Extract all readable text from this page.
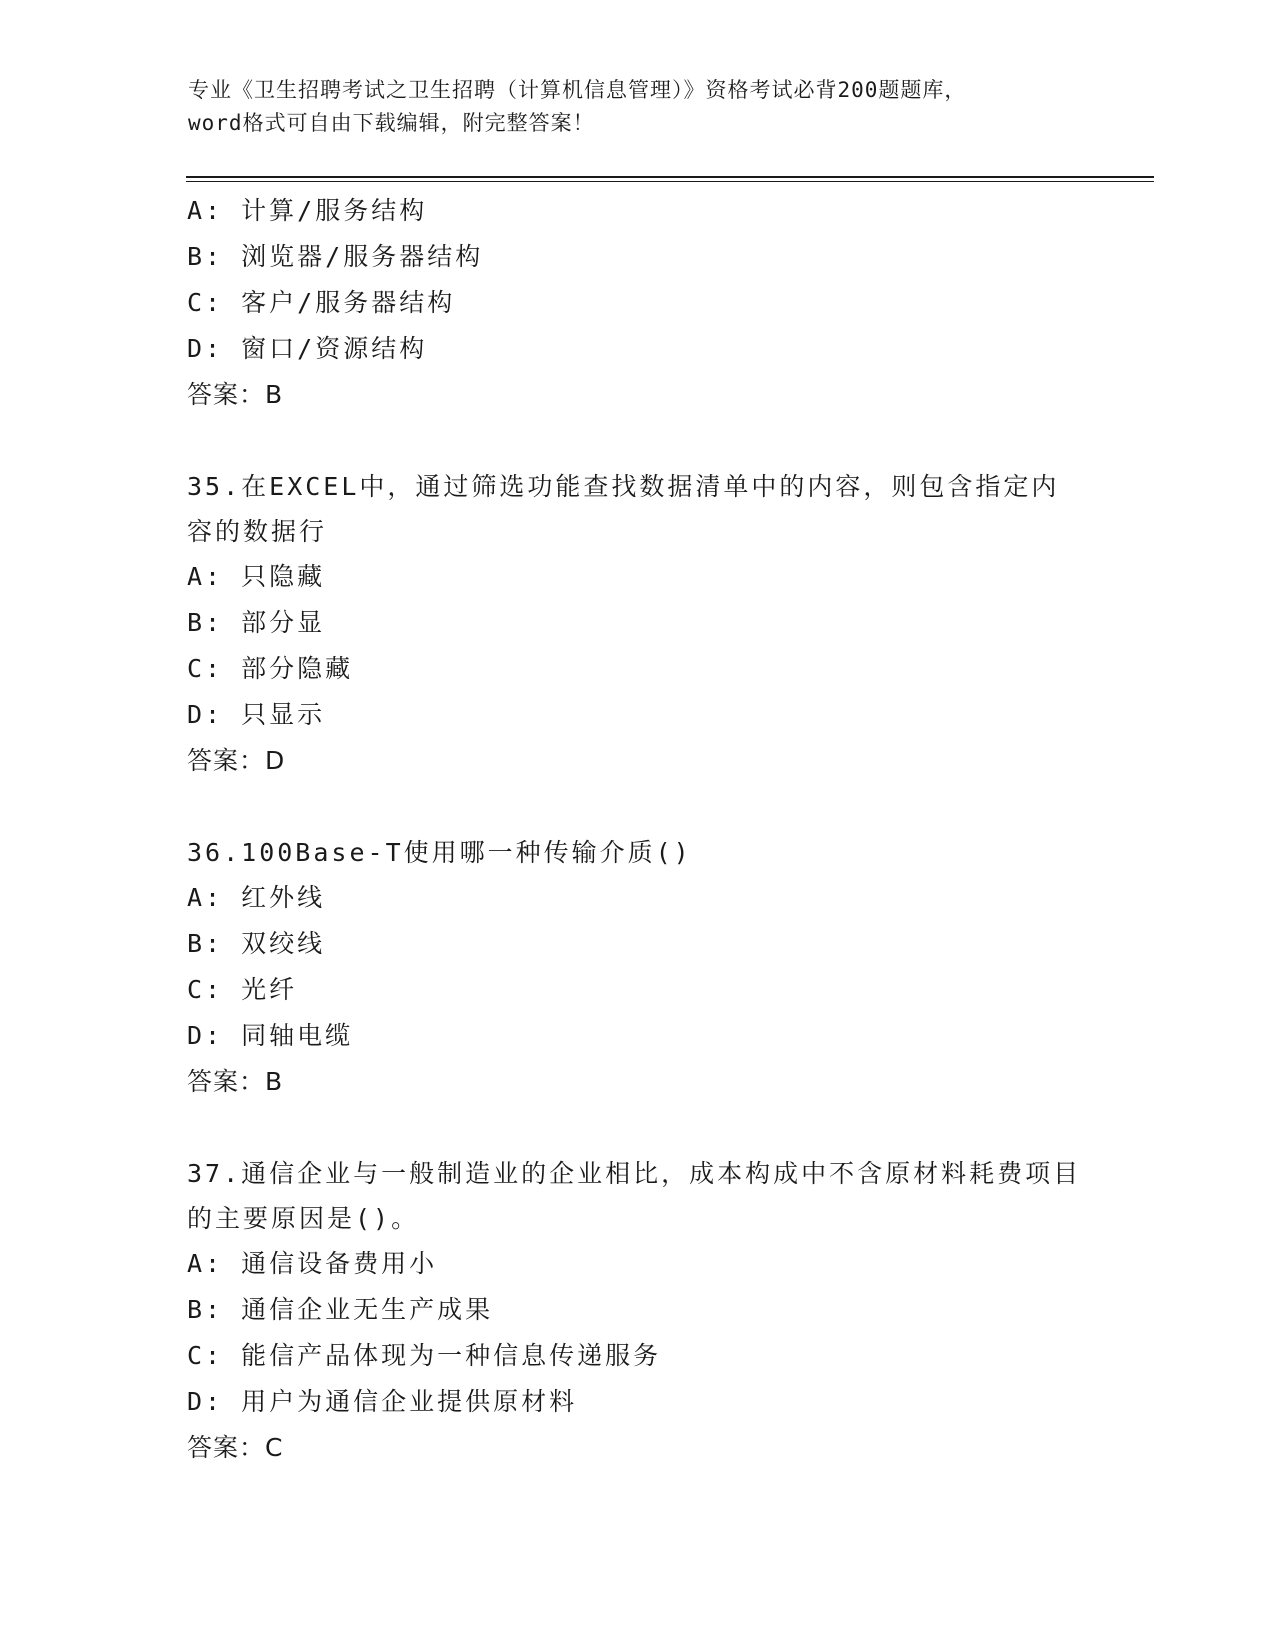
专业《卫生招聘考试之卫生招聘（计算机信息管理）》资格考试必背200题题库，
word格式可自由下载编辑，附完整答案！
A: 计算/服务结构
B: 浏览器/服务器结构
C: 客户/服务器结构
D: 窗口/资源结构
答案：B
35.在EXCEL中，通过筛选功能查找数据清单中的内容，则包含指定内容的数据行
A: 只隐藏
B: 部分显
C: 部分隐藏
D: 只显示
答案：D
36.100Base-T使用哪一种传输介质()
A: 红外线
B: 双绞线
C: 光纤
D: 同轴电缆
答案：B
37.通信企业与一般制造业的企业相比，成本构成中不含原材料耗费项目的主要原因是()。
A: 通信设备费用小
B: 通信企业无生产成果
C: 能信产品体现为一种信息传递服务
D: 用户为通信企业提供原材料
答案：C
